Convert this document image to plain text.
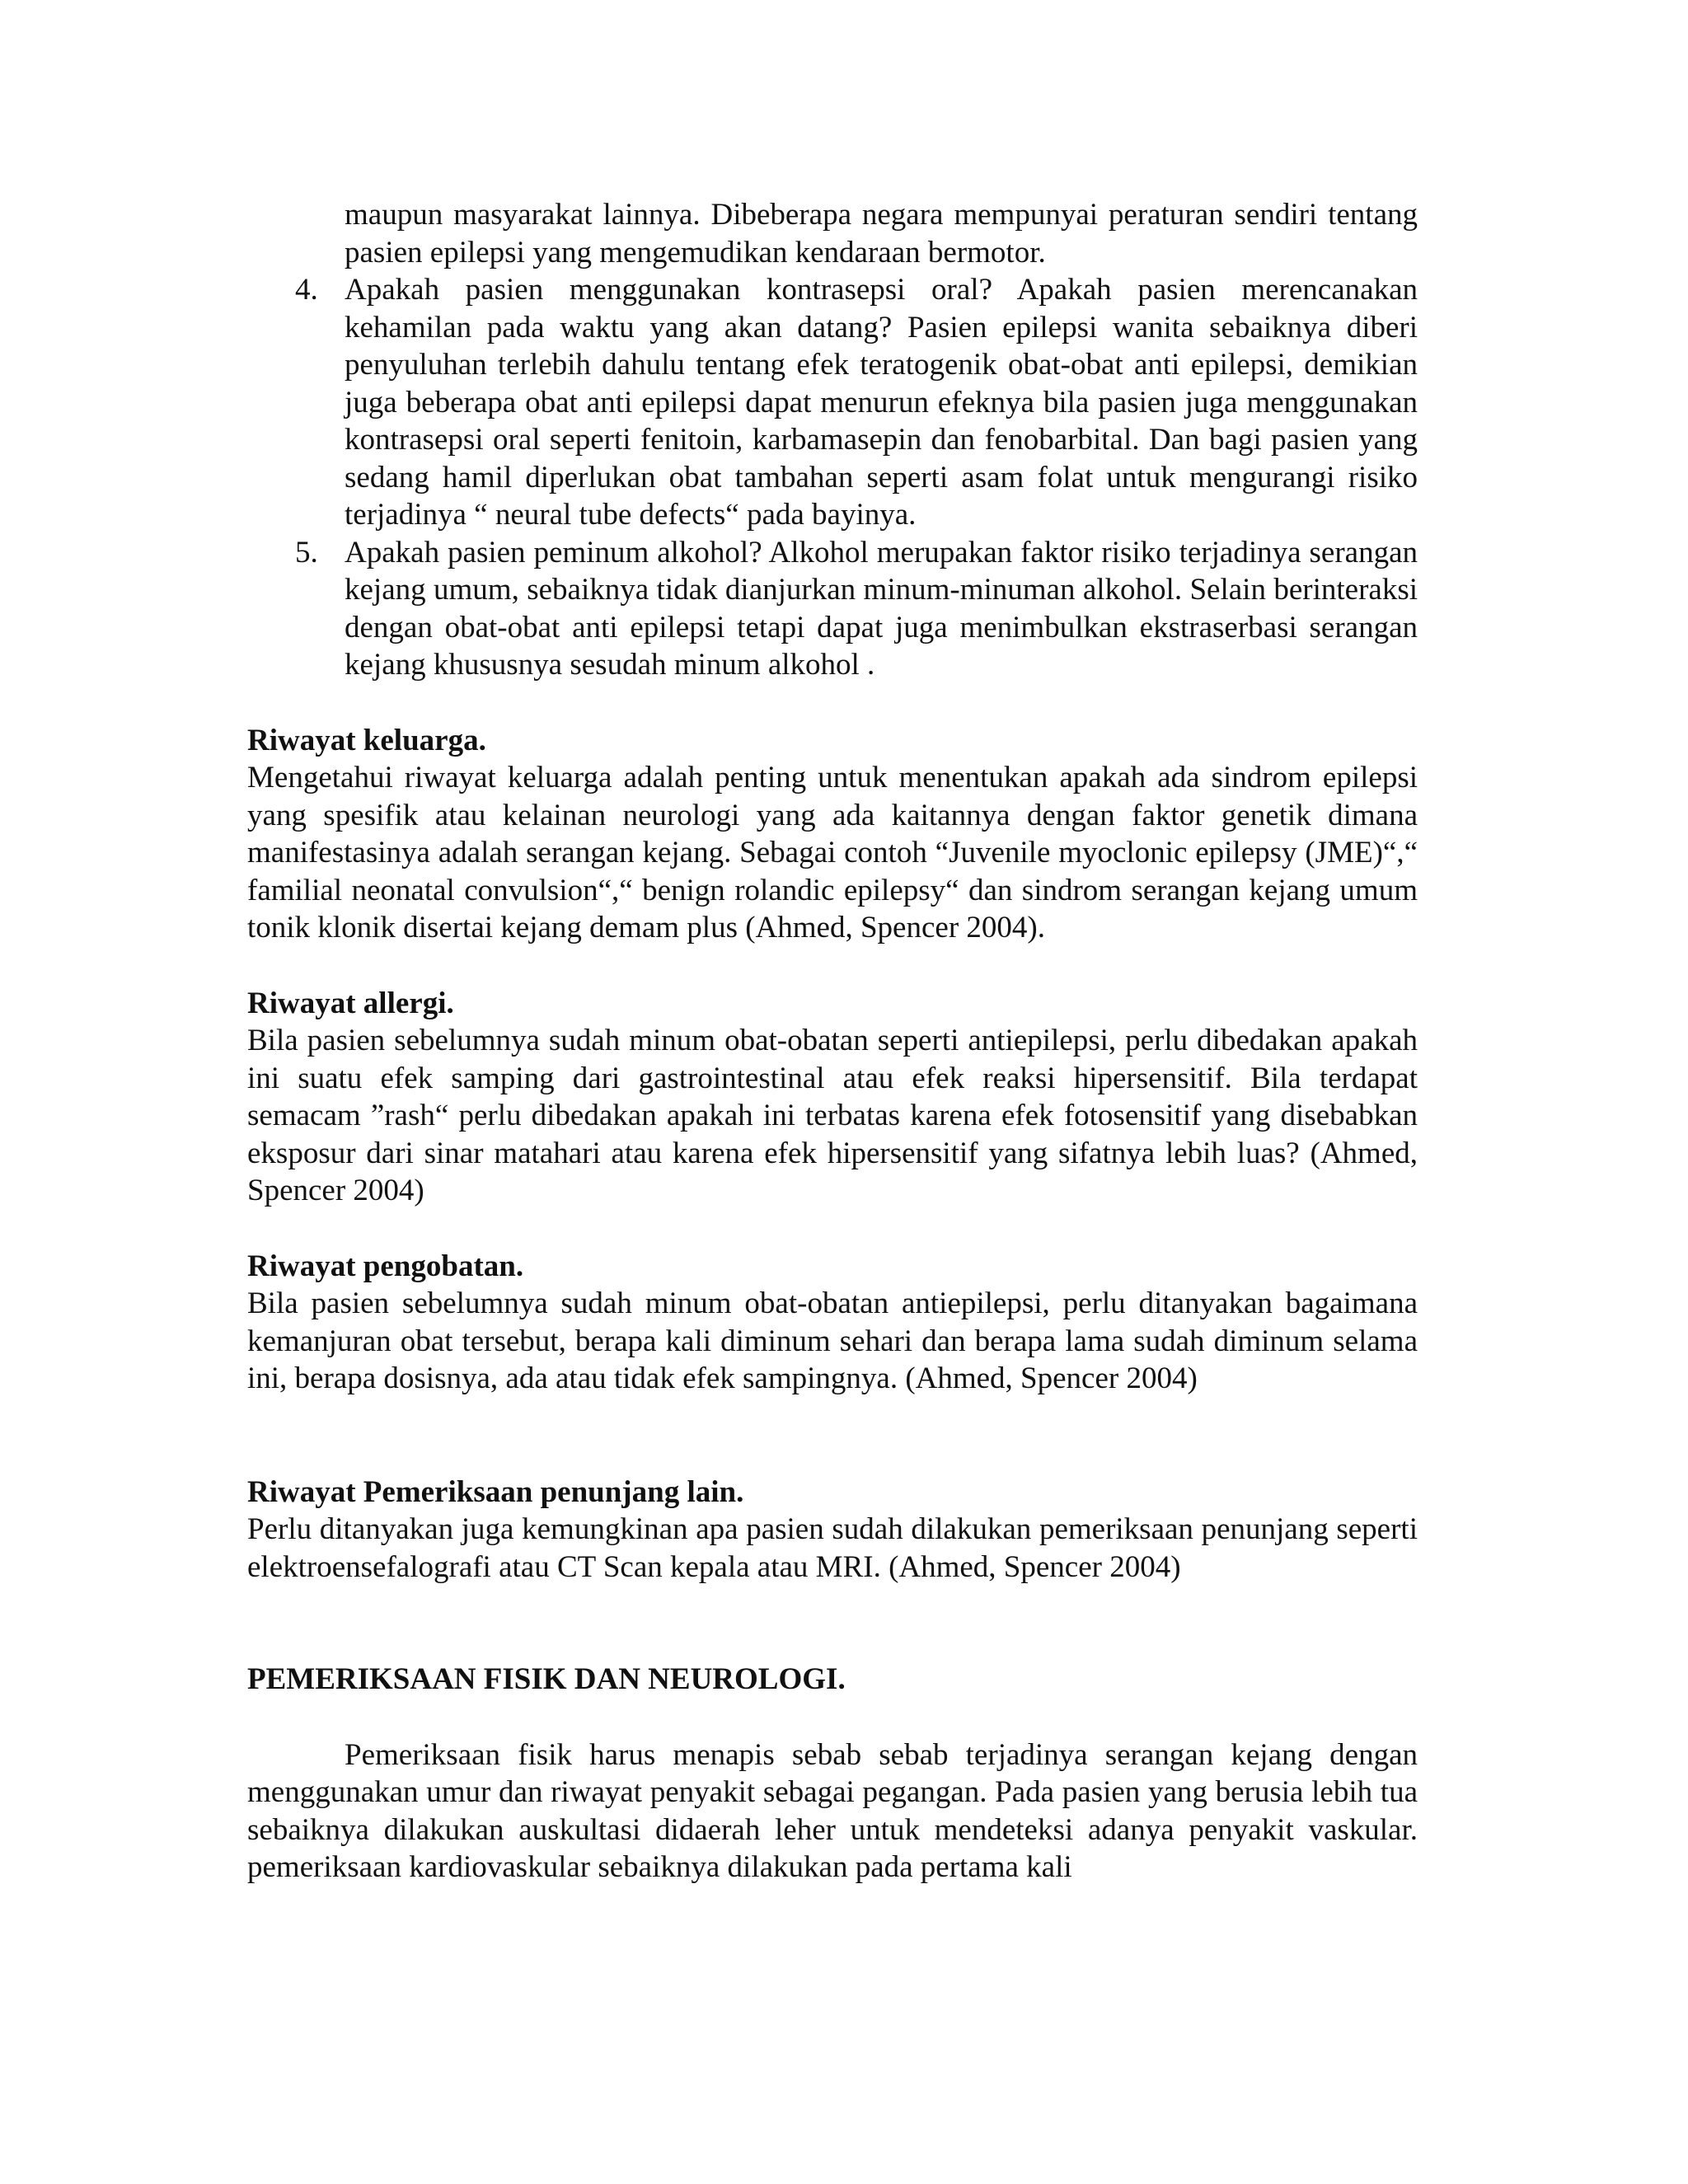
maupun masyarakat lainnya. Dibeberapa negara mempunyai peraturan sendiri tentang pasien epilepsi yang mengemudikan kendaraan bermotor.

4. Apakah pasien menggunakan kontrasepsi oral? Apakah pasien merencanakan kehamilan pada waktu yang akan datang? Pasien epilepsi wanita sebaiknya diberi penyuluhan terlebih dahulu tentang efek teratogenik obat-obat anti epilepsi, demikian juga beberapa obat anti epilepsi dapat menurun efeknya bila pasien juga menggunakan kontrasepsi oral seperti fenitoin, karbamasepin dan fenobarbital. Dan bagi pasien yang sedang hamil diperlukan obat tambahan seperti asam folat untuk mengurangi risiko terjadinya “ neural tube defects“ pada bayinya.

5. Apakah pasien peminum alkohol? Alkohol merupakan faktor risiko terjadinya serangan kejang umum, sebaiknya tidak dianjurkan minum-minuman alkohol. Selain berinteraksi dengan obat-obat anti epilepsi tetapi dapat juga menimbulkan ekstraserbasi serangan kejang khususnya sesudah minum alkohol .

Riwayat keluarga.

Mengetahui riwayat keluarga adalah penting untuk menentukan apakah ada sindrom epilepsi yang spesifik atau kelainan neurologi yang ada kaitannya dengan faktor genetik dimana manifestasinya adalah serangan kejang. Sebagai contoh “Juvenile myoclonic epilepsy (JME)“,“ familial neonatal convulsion“,“ benign rolandic epilepsy“ dan sindrom serangan kejang umum tonik klonik disertai kejang demam plus (Ahmed, Spencer 2004).

Riwayat allergi.

Bila pasien sebelumnya sudah minum obat-obatan seperti antiepilepsi, perlu dibedakan apakah ini suatu efek samping dari gastrointestinal atau efek reaksi hipersensitif. Bila terdapat semacam ”rash“ perlu dibedakan apakah ini terbatas karena efek fotosensitif yang disebabkan eksposur dari sinar matahari atau karena efek hipersensitif yang sifatnya lebih luas? (Ahmed, Spencer 2004)

Riwayat pengobatan.

Bila pasien sebelumnya sudah minum obat-obatan antiepilepsi, perlu ditanyakan bagaimana kemanjuran obat tersebut, berapa kali diminum sehari dan berapa lama sudah diminum selama ini, berapa dosisnya, ada atau tidak efek sampingnya. (Ahmed, Spencer 2004)

Riwayat Pemeriksaan penunjang lain.

Perlu ditanyakan juga kemungkinan apa pasien sudah dilakukan pemeriksaan penunjang seperti elektroensefalografi atau CT Scan kepala atau MRI. (Ahmed, Spencer 2004)

PEMERIKSAAN FISIK DAN NEUROLOGI.

Pemeriksaan fisik harus menapis sebab sebab terjadinya serangan kejang dengan menggunakan umur dan riwayat penyakit sebagai pegangan. Pada pasien yang berusia lebih tua sebaiknya dilakukan auskultasi didaerah leher untuk mendeteksi adanya penyakit vaskular. pemeriksaan kardiovaskular sebaiknya dilakukan pada pertama kali
